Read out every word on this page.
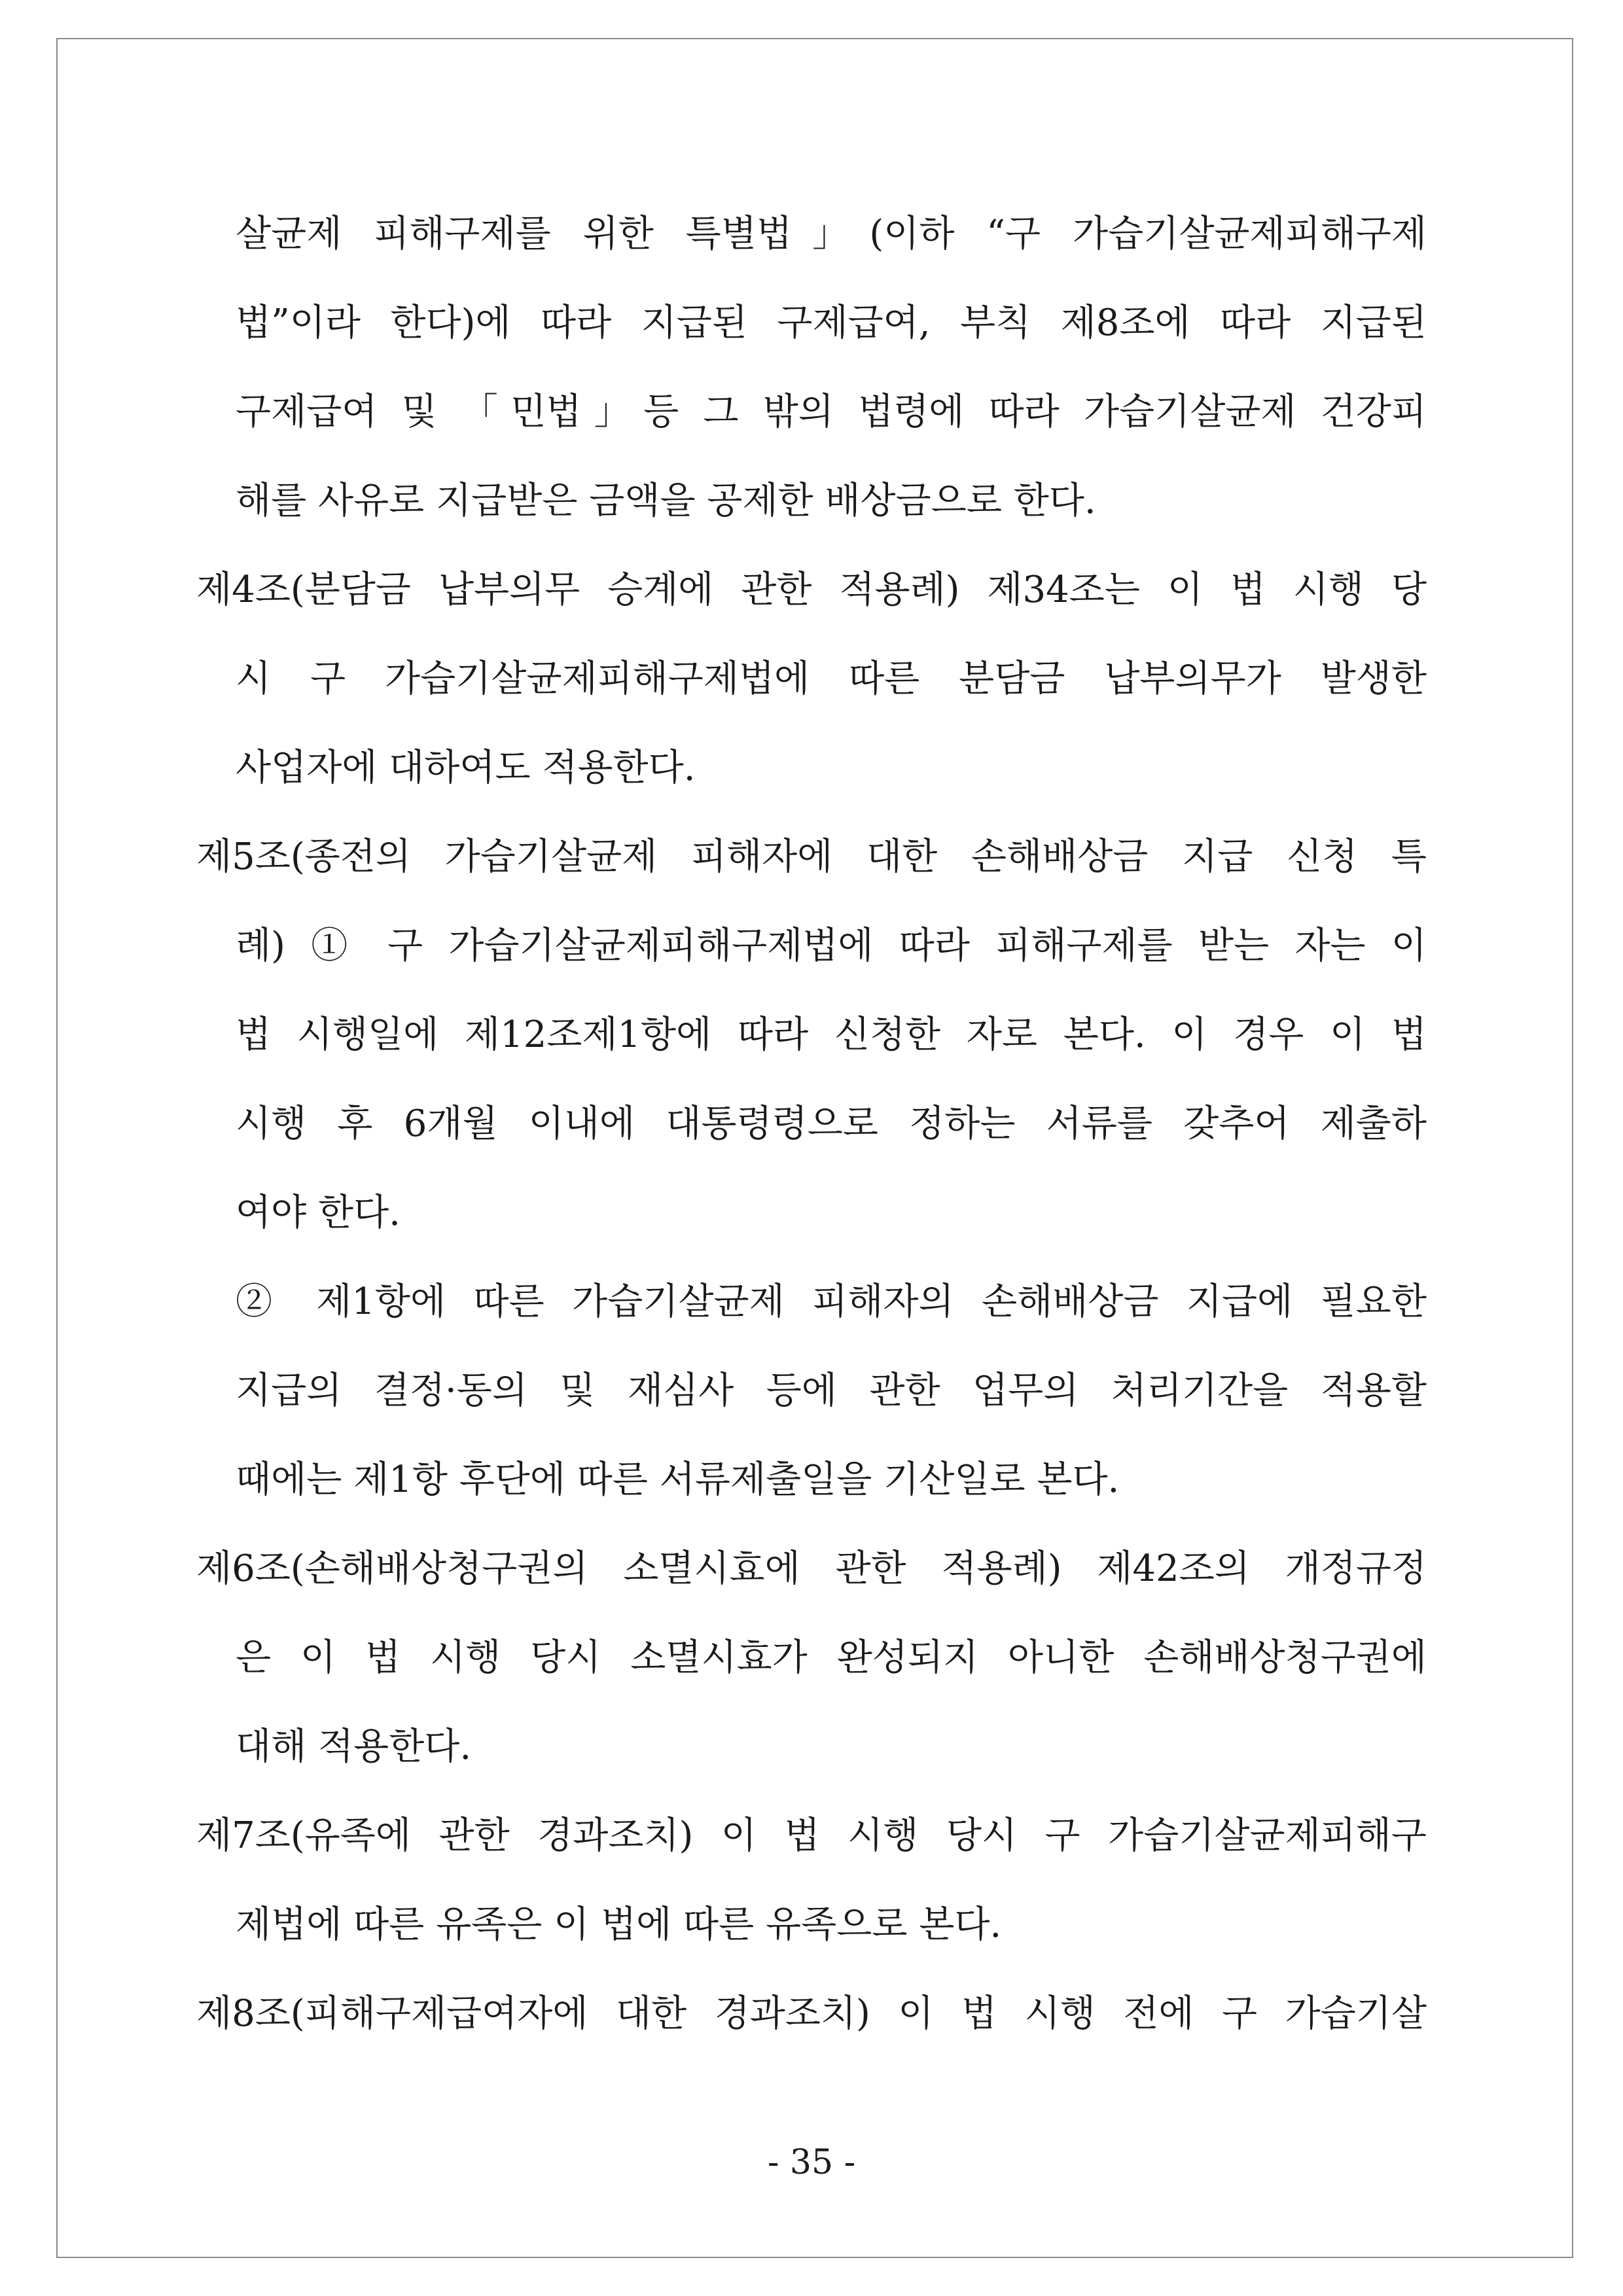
살균제 피해구제를 위한 특별법」(이하 “구 가습기살균제피해구제
법”이라 한다)에 따라 지급된 구제급여, 부칙 제8조에 따라 지급된
구제급여 및 「민법」등 그 밖의 법령에 따라 가습기살균제 건강피
해를 사유로 지급받은 금액을 공제한 배상금으로 한다.
제4조(분담금 납부의무 승계에 관한 적용례) 제34조는 이 법 시행 당
시 구 가습기살균제피해구제법에 따른 분담금 납부의무가 발생한
사업자에 대하여도 적용한다.
제5조(종전의 가습기살균제 피해자에 대한 손해배상금 지급 신청 특
례) ① 구 가습기살균제피해구제법에 따라 피해구제를 받는 자는 이
법 시행일에 제12조제1항에 따라 신청한 자로 본다. 이 경우 이 법
시행 후 6개월 이내에 대통령령으로 정하는 서류를 갖추어 제출하
여야 한다.
② 제1항에 따른 가습기살균제 피해자의 손해배상금 지급에 필요한
지급의 결정·동의 및 재심사 등에 관한 업무의 처리기간을 적용할
때에는 제1항 후단에 따른 서류제출일을 기산일로 본다.
제6조(손해배상청구권의 소멸시효에 관한 적용례) 제42조의 개정규정
은 이 법 시행 당시 소멸시효가 완성되지 아니한 손해배상청구권에
대해 적용한다.
제7조(유족에 관한 경과조치) 이 법 시행 당시 구 가습기살균제피해구
제법에 따른 유족은 이 법에 따른 유족으로 본다.
제8조(피해구제급여자에 대한 경과조치) 이 법 시행 전에 구 가습기살
- 35 -
